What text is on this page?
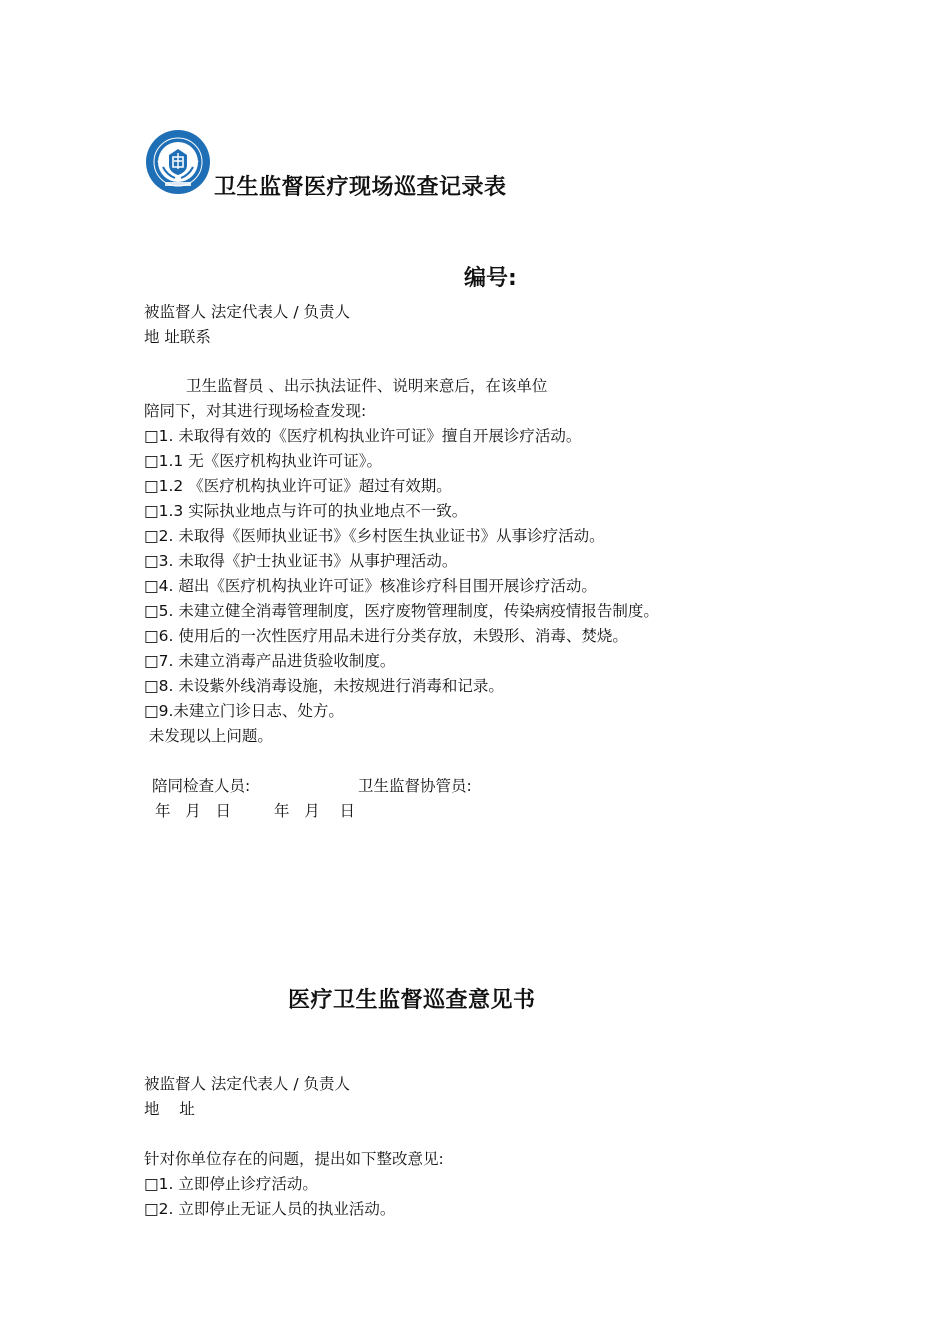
卫生监督医疗现场巡查记录表
编号:
被监督人 法定代表人 / 负责人
地 址联系
卫生监督员 、出示执法证件、说明来意后，在该单位
陪同下，对其进行现场检查发现:
□1. 未取得有效的《医疗机构执业许可证》擅自开展诊疗活动。
□1.1 无《医疗机构执业许可证》。
□1.2 《医疗机构执业许可证》超过有效期。
□1.3 实际执业地点与许可的执业地点不一致。
□2. 未取得《医师执业证书》《乡村医生执业证书》从事诊疗活动。
□3. 未取得《护士执业证书》从事护理活动。
□4. 超出《医疗机构执业许可证》核准诊疗科目围开展诊疗活动。
□5. 未建立健全消毒管理制度，医疗废物管理制度，传染病疫情报告制度。
□6. 使用后的一次性医疗用品未进行分类存放，未毁形、消毒、焚烧。
□7. 未建立消毒产品进货验收制度。
□8. 未设紫外线消毒设施，未按规进行消毒和记录。
□9.未建立门诊日志、处方。
未发现以上问题。
陪同检查人员:	卫生监督协管员:
年   月   日	年   月    日
医疗卫生监督巡查意见书
被监督人 法定代表人 / 负责人
地    址
针对你单位存在的问题，提出如下整改意见:
□1. 立即停止诊疗活动。
□2. 立即停止无证人员的执业活动。
